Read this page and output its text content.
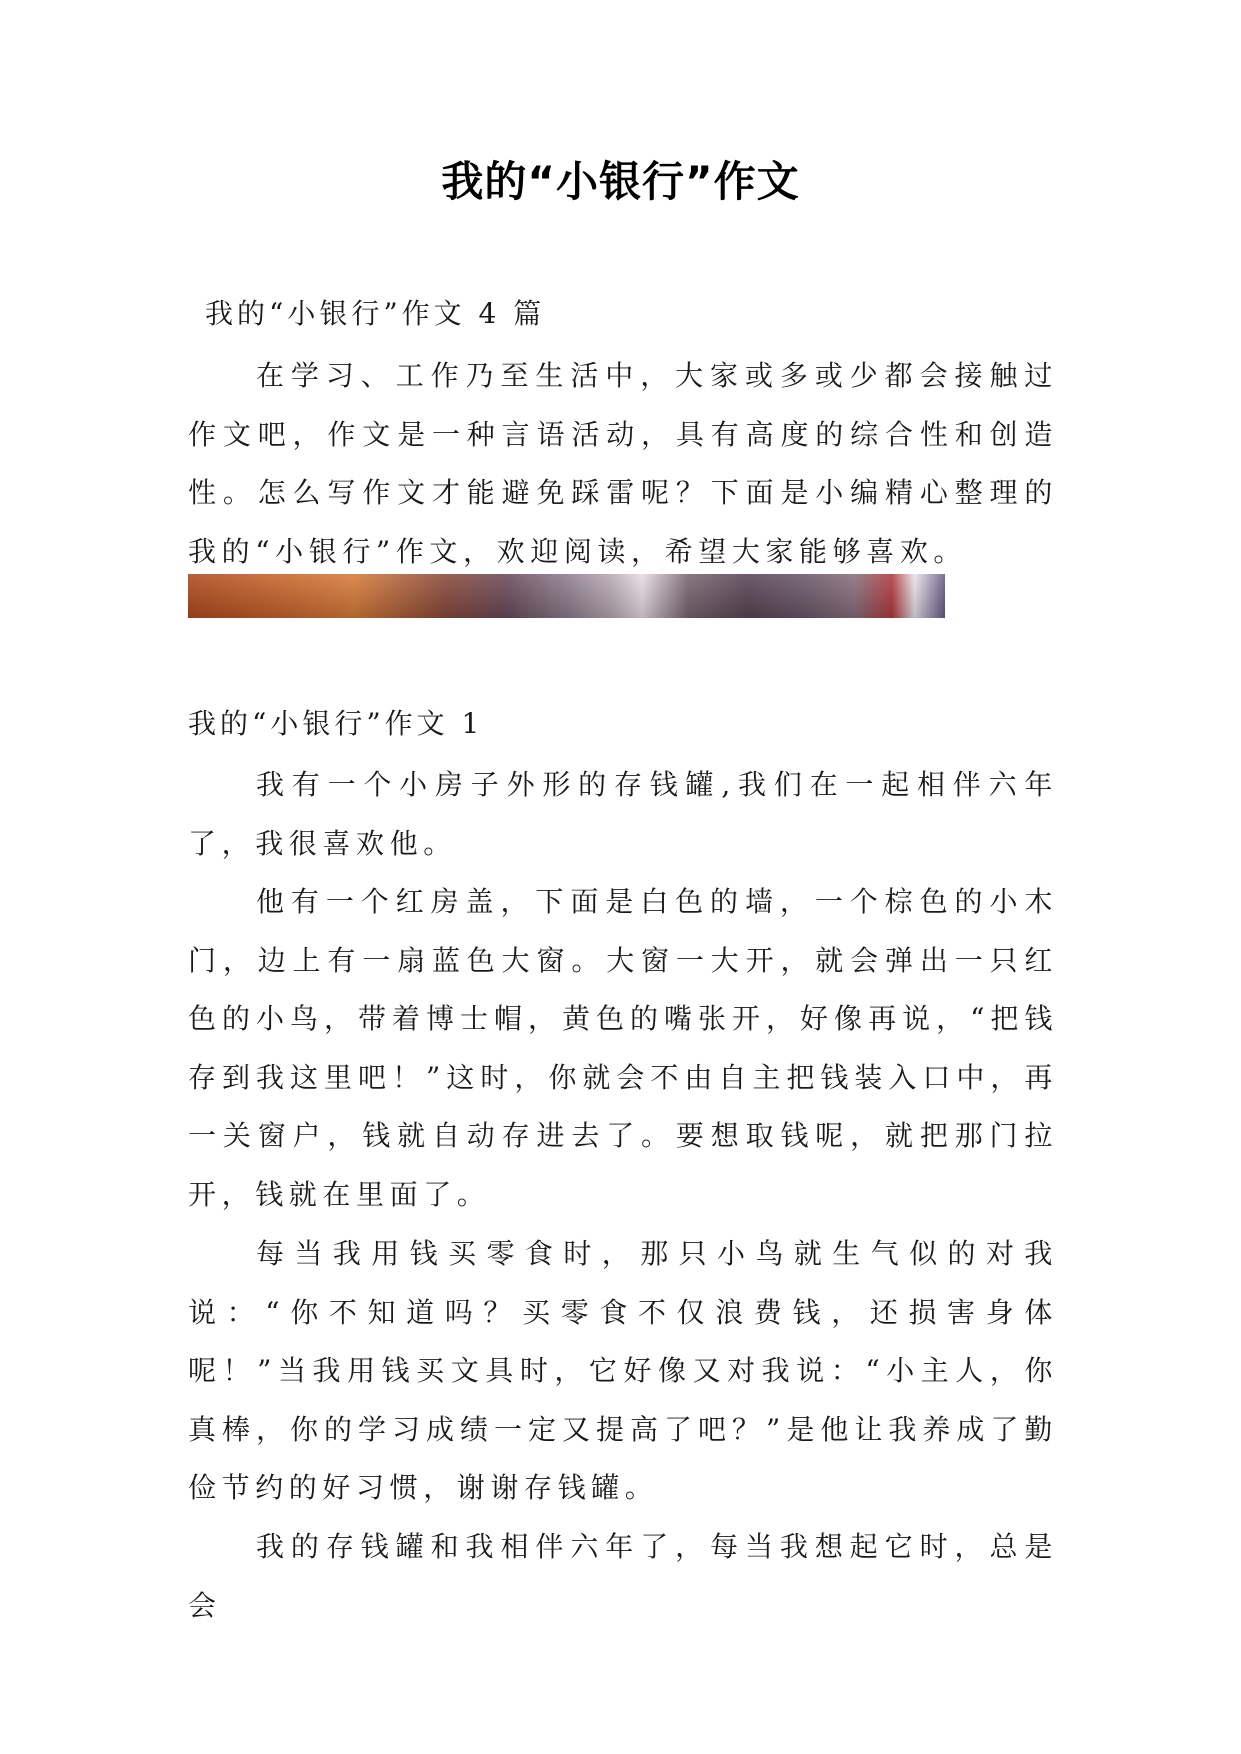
我的“小银行”作文

我的“小银行”作文 4 篇

在学习、工作乃至生活中，大家或多或少都会接触过作文吧，作文是一种言语活动，具有高度的综合性和创造性。怎么写作文才能避免踩雷呢？下面是小编精心整理的我的“小银行”作文，欢迎阅读，希望大家能够喜欢。

我的“小银行”作文 1

我有一个小房子外形的存钱罐,我们在一起相伴六年了，我很喜欢他。

他有一个红房盖，下面是白色的墙，一个棕色的小木门，边上有一扇蓝色大窗。大窗一大开，就会弹出一只红色的小鸟，带着博士帽，黄色的嘴张开，好像再说，“把钱存到我这里吧！”这时，你就会不由自主把钱装入口中，再一关窗户，钱就自动存进去了。要想取钱呢，就把那门拉开，钱就在里面了。

每当我用钱买零食时，那只小鸟就生气似的对我说：“你不知道吗？买零食不仅浪费钱，还损害身体呢！”当我用钱买文具时，它好像又对我说：“小主人，你真棒，你的学习成绩一定又提高了吧？”是他让我养成了勤俭节约的好习惯，谢谢存钱罐。

我的存钱罐和我相伴六年了，每当我想起它时，总是会
